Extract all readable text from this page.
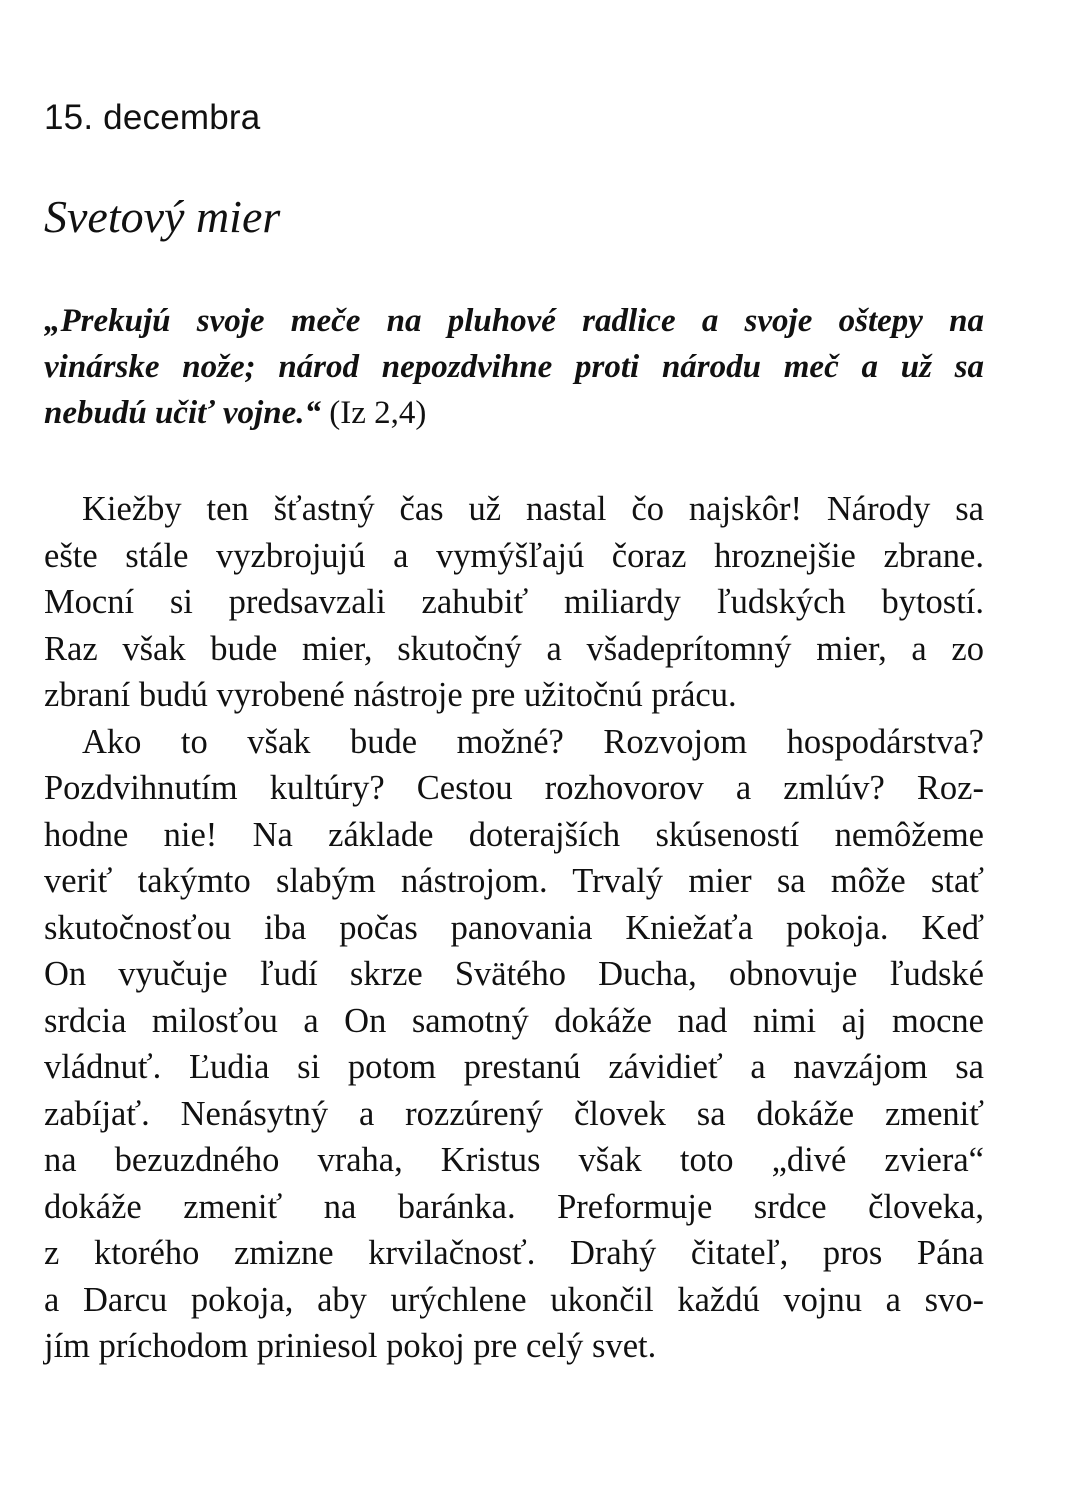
15. decembra
Svetový mier
„Prekujú svoje meče na pluhové radlice a svoje oštepy na
vinárske nože; národ nepozdvihne proti národu meč a už sa
nebudú učiť vojne.“ (Iz 2,4)
Kiežby ten šťastný čas už nastal čo najskôr! Národy sa
ešte stále vyzbrojujú a vymýšľajú čoraz hroznejšie zbrane.
Mocní si predsavzali zahubiť miliardy ľudských bytostí.
Raz však bude mier, skutočný a všadeprítomný mier, a zo
zbraní budú vyrobené nástroje pre užitočnú prácu.
Ako to však bude možné? Rozvojom hospodárstva?
Pozdvihnutím kultúry? Cestou rozhovorov a zmlúv? Roz-
hodne nie! Na základe doterajších skúseností nemôžeme
veriť takýmto slabým nástrojom. Trvalý mier sa môže stať
skutočnosťou iba počas panovania Kniežaťa pokoja. Keď
On vyučuje ľudí skrze Svätého Ducha, obnovuje ľudské
srdcia milosťou a On samotný dokáže nad nimi aj mocne
vládnuť. Ľudia si potom prestanú závidieť a navzájom sa
zabíjať. Nenásytný a rozzúrený človek sa dokáže zmeniť
na bezuzdného vraha, Kristus však toto „divé zviera“
dokáže zmeniť na baránka. Preformuje srdce človeka,
z ktorého zmizne krvilačnosť. Drahý čitateľ, pros Pána
a Darcu pokoja, aby urýchlene ukončil každú vojnu a svo-
jím príchodom priniesol pokoj pre celý svet.
